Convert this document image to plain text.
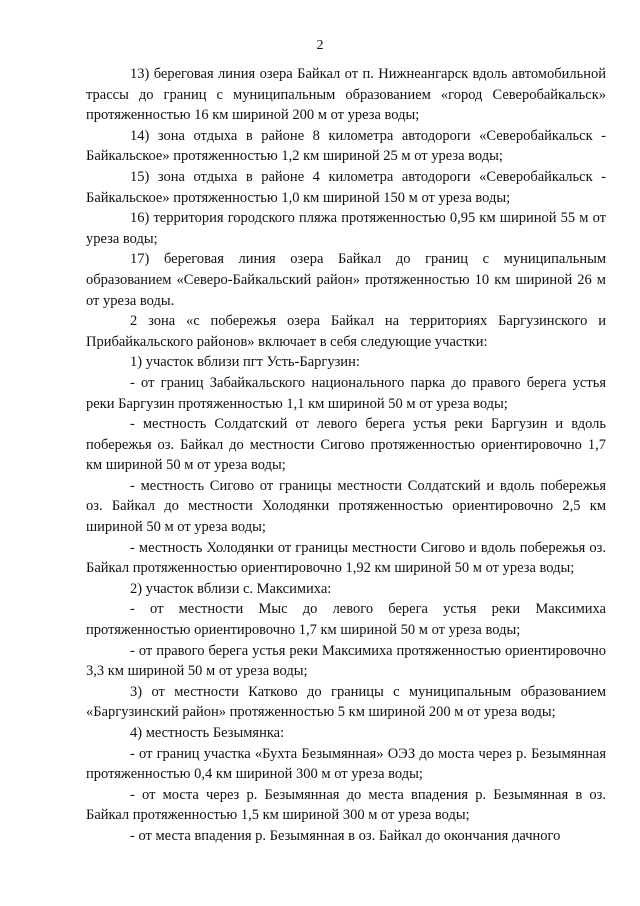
2

13) береговая линия озера Байкал от п. Нижнеангарск вдоль автомобильной трассы до границ с муниципальным образованием «город Северобайкальск» протяженностью 16 км шириной 200 м от уреза воды;

14) зона отдыха в районе 8 километра автодороги «Северобайкальск - Байкальское» протяженностью 1,2 км шириной 25 м от уреза воды;

15) зона отдыха в районе 4 километра автодороги «Северобайкальск - Байкальское» протяженностью 1,0 км шириной 150 м от уреза воды;

16) территория городского пляжа протяженностью 0,95 км шириной 55 м от уреза воды;

17) береговая линия озера Байкал до границ с муниципальным образованием «Северо-Байкальский район» протяженностью 10 км шириной 26 м от уреза воды.

2 зона «с побережья озера Байкал на территориях Баргузинского и Прибайкальского районов» включает в себя следующие участки:

1) участок вблизи пгт Усть-Баргузин:

- от границ Забайкальского национального парка до правого берега устья реки Баргузин протяженностью 1,1 км шириной 50 м от уреза воды;

- местность Солдатский от левого берега устья реки Баргузин и вдоль побережья оз. Байкал до местности Сигово протяженностью ориентировочно 1,7 км шириной 50 м от уреза воды;

- местность Сигово от границы местности Солдатский и вдоль побережья оз. Байкал до местности Холодянки протяженностью ориентировочно 2,5 км шириной 50 м от уреза воды;

- местность Холодянки от границы местности Сигово и вдоль побережья оз. Байкал протяженностью ориентировочно 1,92 км шириной 50 м от уреза воды;

2) участок вблизи с. Максимиха:

- от местности Мыс до левого берега устья реки Максимиха протяженностью ориентировочно 1,7 км шириной 50 м от уреза воды;

- от правого берега устья реки Максимиха протяженностью ориентировочно 3,3 км шириной 50 м от уреза воды;

3) от местности Катково до границы с муниципальным образованием «Баргузинский район» протяженностью 5 км шириной 200 м от уреза воды;

4) местность Безымянка:

- от границ участка «Бухта Безымянная» ОЭЗ до моста через р. Безымянная протяженностью 0,4 км шириной 300 м от уреза воды;

- от моста через р. Безымянная до места впадения р. Безымянная в оз. Байкал протяженностью 1,5 км шириной 300 м от уреза воды;

- от места впадения р. Безымянная в оз. Байкал до окончания дачного
